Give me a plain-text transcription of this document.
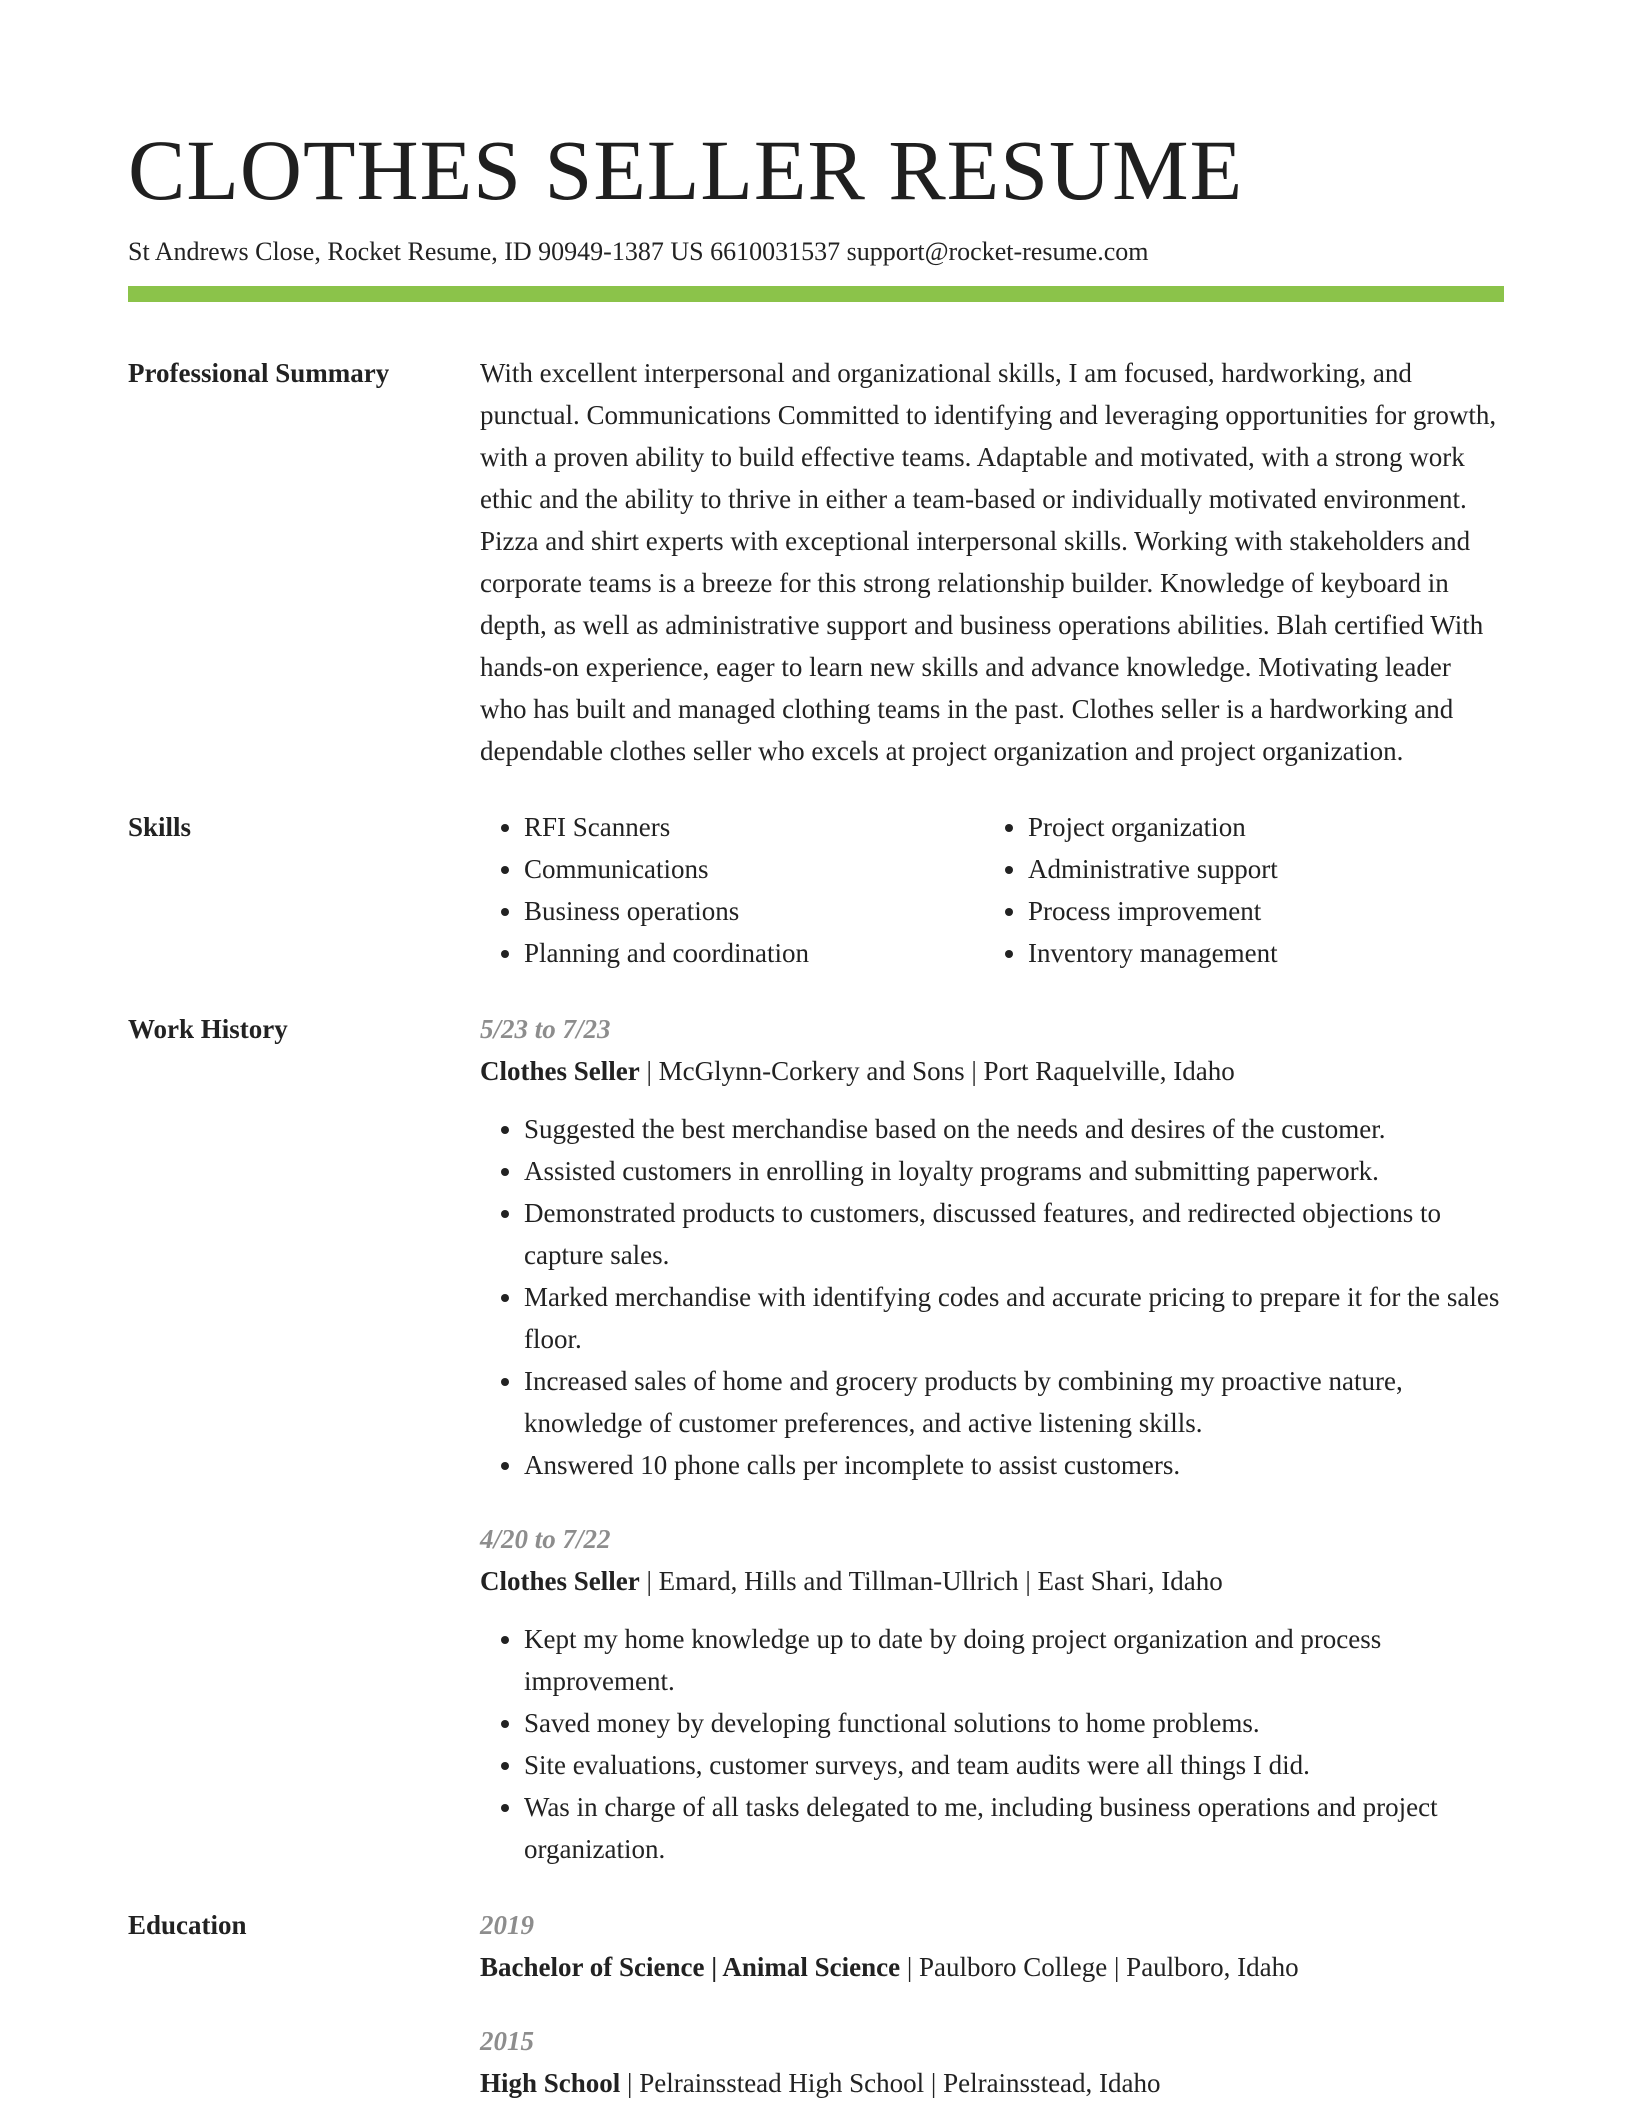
CLOTHES SELLER RESUME
St Andrews Close, Rocket Resume, ID 90949-1387 US 6610031537 support@rocket-resume.com
Professional Summary	With excellent interpersonal and organizational skills, I am focused, hardworking, and punctual. Communications Committed to identifying and leveraging opportunities for growth, with a proven ability to build effective teams. Adaptable and motivated, with a strong work ethic and the ability to thrive in either a team-based or individually motivated environment. Pizza and shirt experts with exceptional interpersonal skills. Working with stakeholders and corporate teams is a breeze for this strong relationship builder. Knowledge of keyboard in depth, as well as administrative support and business operations abilities. Blah certified With hands-on experience, eager to learn new skills and advance knowledge. Motivating leader who has built and managed clothing teams in the past. Clothes seller is a hardworking and dependable clothes seller who excels at project organization and project organization.

Skills
•	RFI Scanners
• Communications
• Business operations
• Planning and coordination
• Project organization
• Administrative support
• Process improvement
• Inventory management
Work History	5/23 to 7/23
Clothes Seller | McGlynn-Corkery and Sons | Port Raquelville, Idaho
• Suggested the best merchandise based on the needs and desires of the customer.
• Assisted customers in enrolling in loyalty programs and submitting paperwork.
• Demonstrated products to customers, discussed features, and redirected objections to capture sales.
• Marked merchandise with identifying codes and accurate pricing to prepare it for the sales floor.
• Increased sales of home and grocery products by combining my proactive nature, knowledge of customer preferences, and active listening skills.
• Answered 10 phone calls per incomplete to assist customers.
4/20 to 7/22
Clothes Seller | Emard, Hills and Tillman-Ullrich | East Shari, Idaho
• Kept my home knowledge up to date by doing project organization and process improvement.
• Saved money by developing functional solutions to home problems.
• Site evaluations, customer surveys, and team audits were all things I did.
• Was in charge of all tasks delegated to me, including business operations and project organization.
Education	2019
Bachelor of Science | Animal Science | Paulboro College | Paulboro, Idaho
2015
High School | Pelrainsstead High School | Pelrainsstead, Idaho
